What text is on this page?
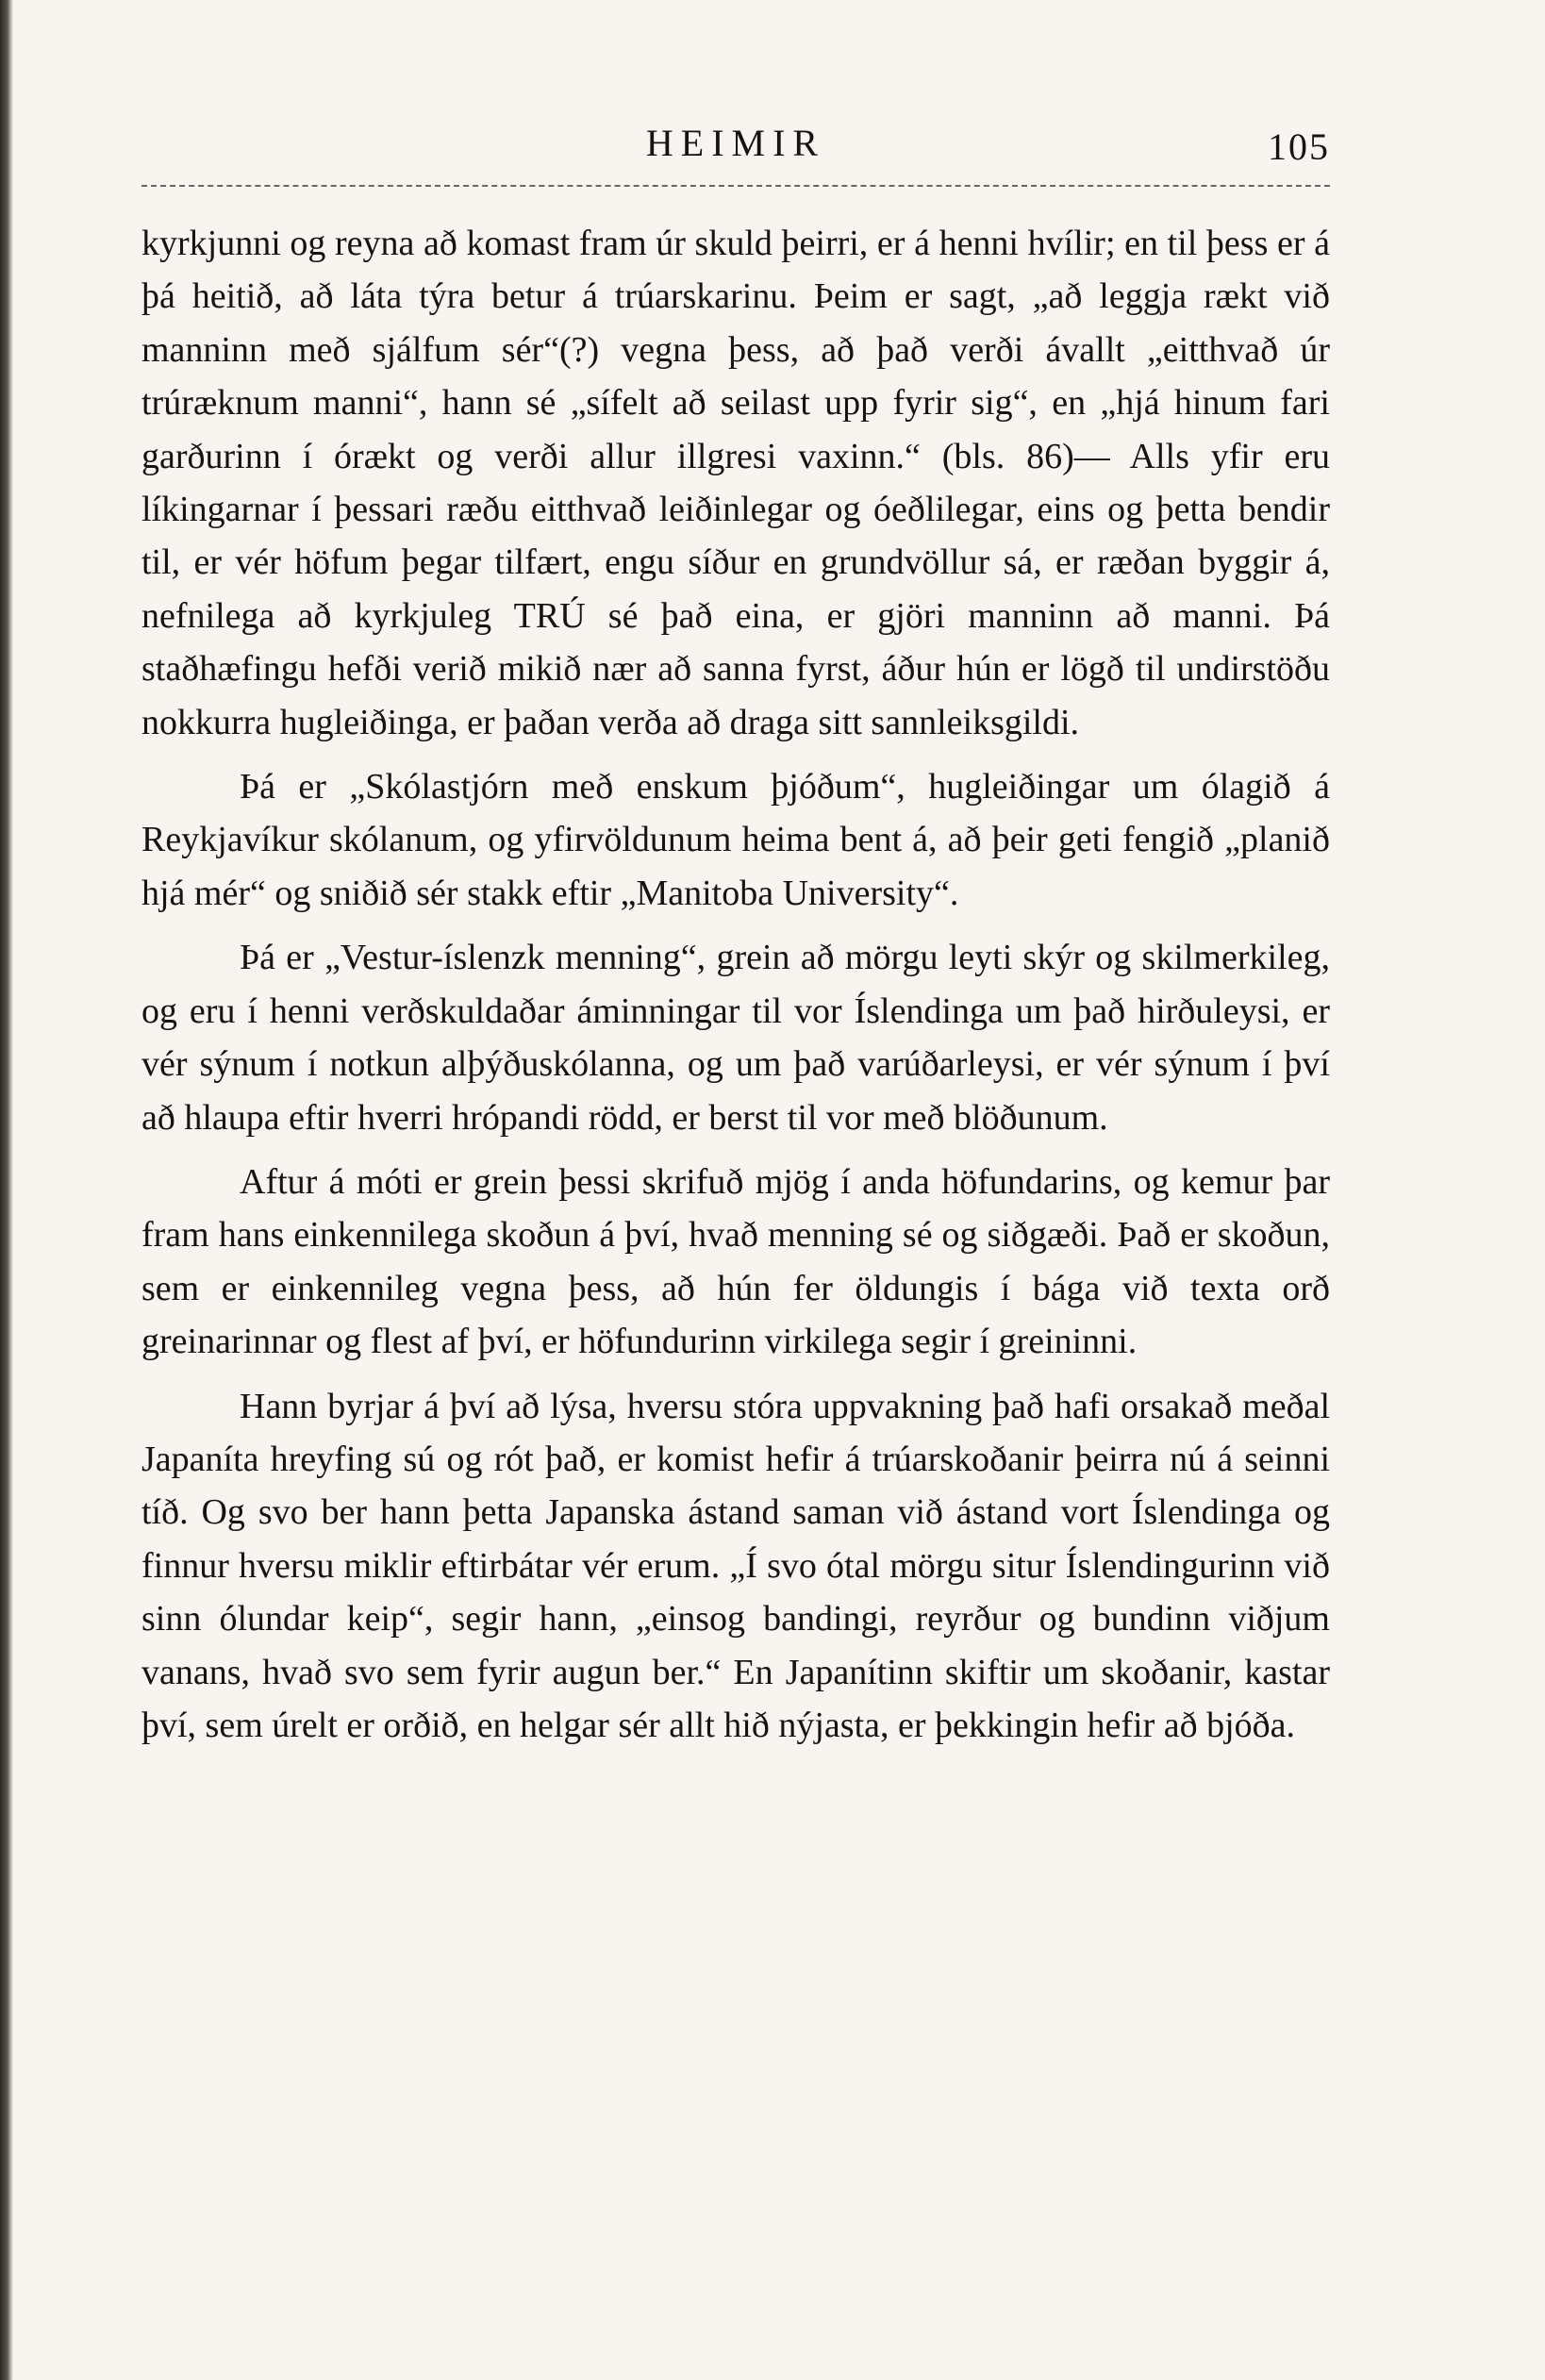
HEIMIR	105

kyrkjunni og reyna að komast fram úr skuld þeirri, er á henni hvílir; en til þess er á þá heitið, að láta týra betur á trúarskarinu. Þeim er sagt, „að leggja rækt við manninn með sjálfum sér“(?) vegna þess, að það verði ávallt „eitthvað úr trúræknum manni“, hann sé „sífelt að seilast upp fyrir sig“, en „hjá hinum fari garðurinn í órækt og verði allur illgresi vaxinn.“ (bls. 86)— Alls yfir eru líkingarnar í þessari ræðu eitthvað leiðinlegar og óeðlilegar, eins og þetta bendir til, er vér höfum þegar tilfært, engu síður en grundvöllur sá, er ræðan byggir á, nefnilega að kyrkjuleg TRÚ sé það eina, er gjöri manninn að manni. Þá staðhæfingu hefði verið mikið nær að sanna fyrst, áður hún er lögð til undirstöðu nokkurra hugleiðinga, er þaðan verða að draga sitt sannleiksgildi.

Þá er „Skólastjórn með enskum þjóðum“, hugleiðingar um ólagið á Reykjavíkur skólanum, og yfirvöldunum heima bent á, að þeir geti fengið „planið hjá mér“ og sniðið sér stakk eftir „Manitoba University“.

Þá er „Vestur-íslenzk menning“, grein að mörgu leyti skýr og skilmerkileg, og eru í henni verðskuldaðar áminningar til vor Íslendinga um það hirðuleysi, er vér sýnum í notkun alþýðuskólanna, og um það varúðarleysi, er vér sýnum í því að hlaupa eftir hverri hrópandi rödd, er berst til vor með blöðunum.

Aftur á móti er grein þessi skrifuð mjög í anda höfundarins, og kemur þar fram hans einkennilega skoðun á því, hvað menning sé og siðgæði. Það er skoðun, sem er einkennileg vegna þess, að hún fer öldungis í bága við texta orð greinarinnar og flest af því, er höfundurinn virkilega segir í greininni.

Hann byrjar á því að lýsa, hversu stóra uppvakning það hafi orsakað meðal Japaníta hreyfing sú og rót það, er komist hefir á trúarskoðanir þeirra nú á seinni tíð. Og svo ber hann þetta Japanska ástand saman við ástand vort Íslendinga og finnur hversu miklir eftirbátar vér erum. „Í svo ótal mörgu situr Íslendingurinn við sinn ólundar keip“, segir hann, „einsog bandingi, reyrður og bundinn viðjum vanans, hvað svo sem fyrir augun ber.“ En Japanítinn skiftir um skoðanir, kastar því, sem úrelt er orðið, en helgar sér allt hið nýjasta, er þekkingin hefir að bjóða.
